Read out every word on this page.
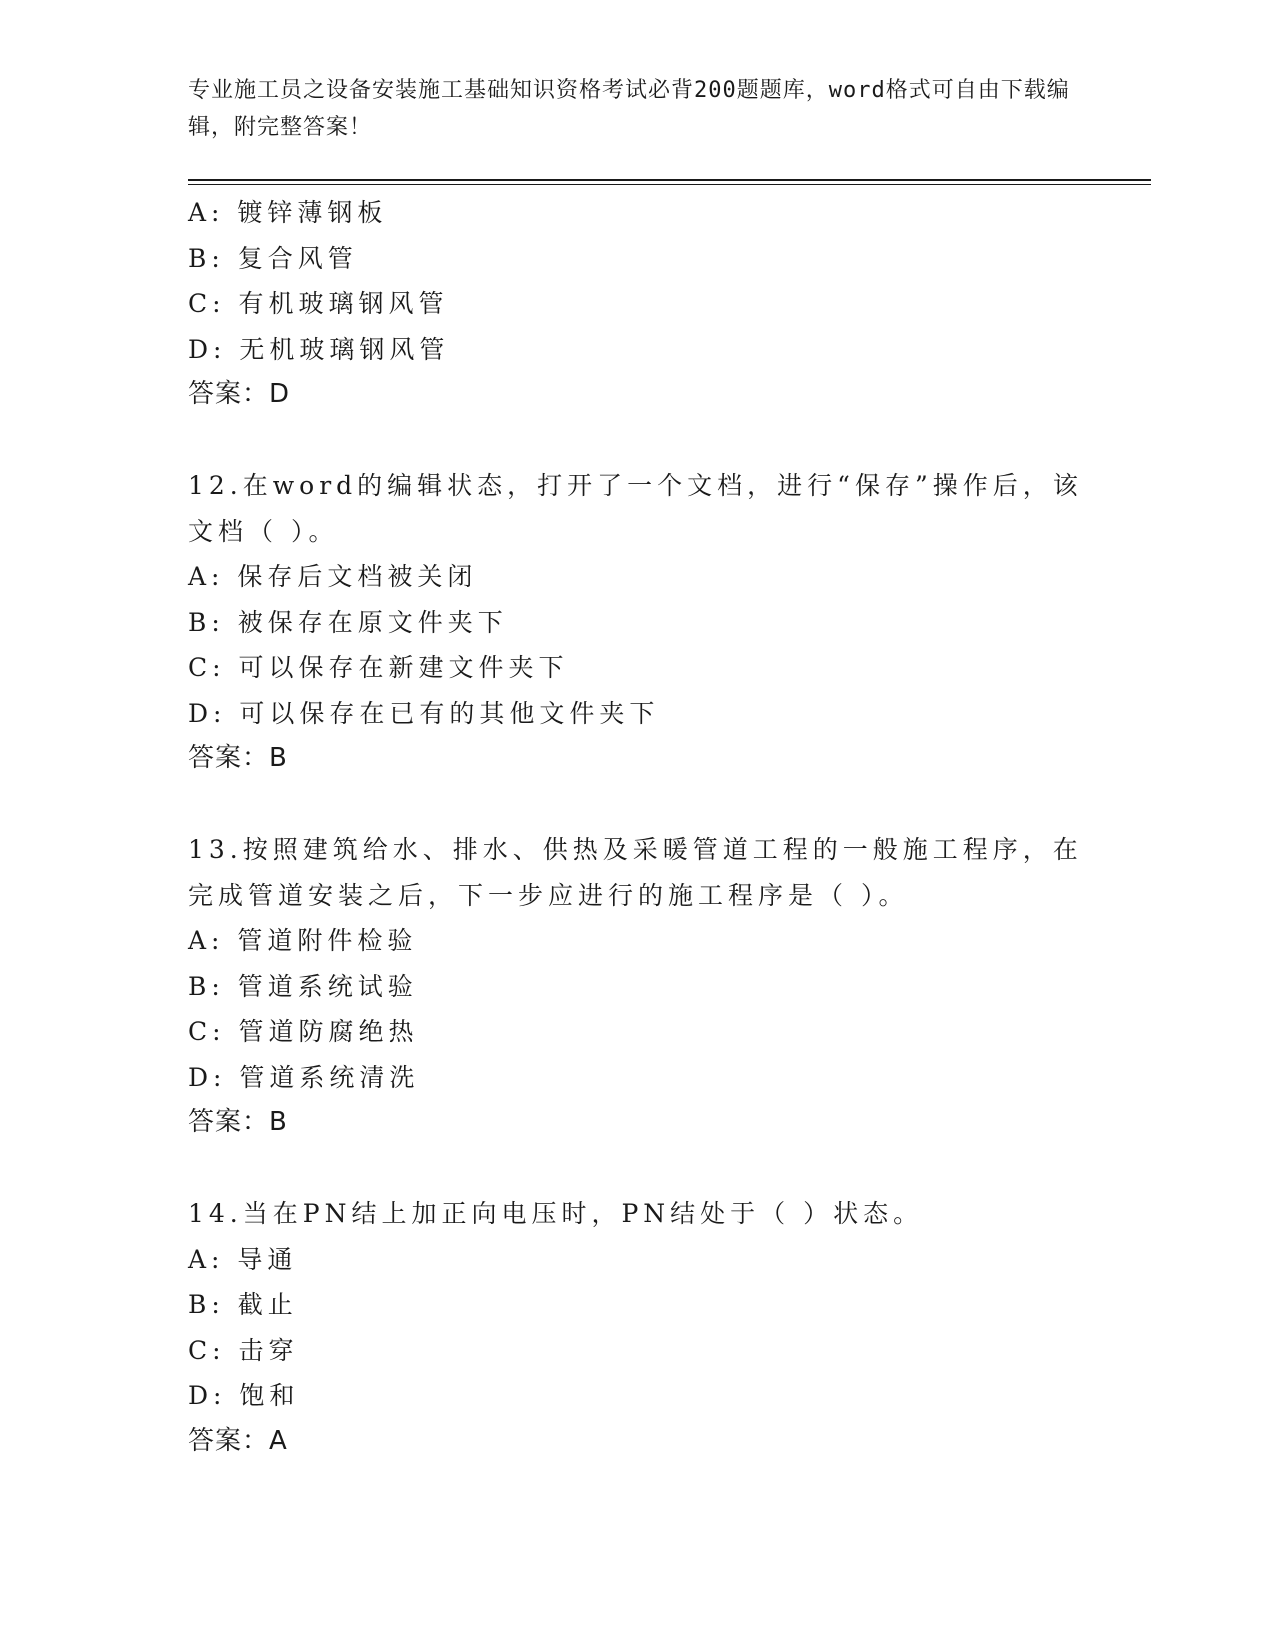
专业施工员之设备安装施工基础知识资格考试必背200题题库，word格式可自由下载编辑，附完整答案！
A: 镀锌薄钢板
B: 复合风管
C: 有机玻璃钢风管
D: 无机玻璃钢风管
答案：D
12.在word的编辑状态，打开了一个文档，进行“保存”操作后，该文档（ ）。
A: 保存后文档被关闭
B: 被保存在原文件夹下
C: 可以保存在新建文件夹下
D: 可以保存在已有的其他文件夹下
答案：B
13.按照建筑给水、排水、供热及采暖管道工程的一般施工程序，在完成管道安装之后，下一步应进行的施工程序是（ ）。
A: 管道附件检验
B: 管道系统试验
C: 管道防腐绝热
D: 管道系统清洗
答案：B
14.当在PN结上加正向电压时，PN结处于（ ）状态。
A: 导通
B: 截止
C: 击穿
D: 饱和
答案：A
